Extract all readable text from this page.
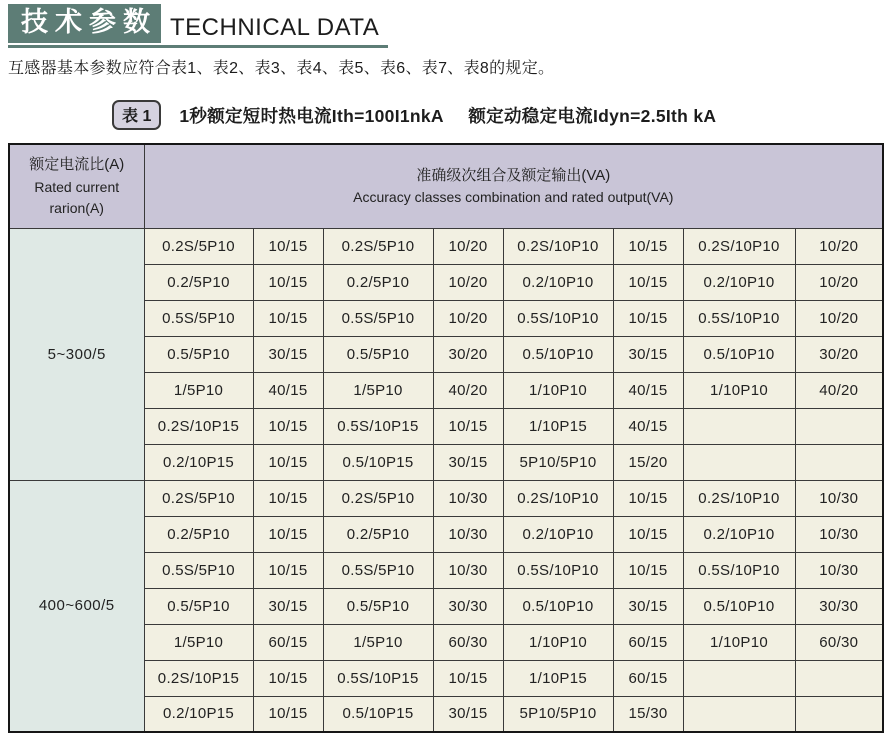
技术参数 TECHNICAL DATA
互感器基本参数应符合表1、表2、表3、表4、表5、表6、表7、表8的规定。
表 1	1秒额定短时热电流Ith=100I1nkA 额定动稳定电流Idyn=2.5Ith kA
额定电流比(A)
Rated current
rarion(A)

准确级次组合及额定输出(VA)
Accuracy classes combination and rated output(VA)

5~300/5	0.2S/5P10	10/15	0.2S/5P10	10/20	0.2S/10P10	10/15	0.2S/10P10	10/20
	0.2/5P10	10/15	0.2/5P10	10/20	0.2/10P10	10/15	0.2/10P10	10/20
	0.5S/5P10	10/15	0.5S/5P10	10/20	0.5S/10P10	10/15	0.5S/10P10	10/20
	0.5/5P10	30/15	0.5/5P10	30/20	0.5/10P10	30/15	0.5/10P10	30/20
	1/5P10	40/15	1/5P10	40/20	1/10P10	40/15	1/10P10	40/20
	0.2S/10P15	10/15	0.5S/10P15	10/15	1/10P15	40/15		
	0.2/10P15	10/15	0.5/10P15	30/15	5P10/5P10	15/20		
400~600/5	0.2S/5P10	10/15	0.2S/5P10	10/30	0.2S/10P10	10/15	0.2S/10P10	10/30
	0.2/5P10	10/15	0.2/5P10	10/30	0.2/10P10	10/15	0.2/10P10	10/30
	0.5S/5P10	10/15	0.5S/5P10	10/30	0.5S/10P10	10/15	0.5S/10P10	10/30
	0.5/5P10	30/15	0.5/5P10	30/30	0.5/10P10	30/15	0.5/10P10	30/30
	1/5P10	60/15	1/5P10	60/30	1/10P10	60/15	1/10P10	60/30
	0.2S/10P15	10/15	0.5S/10P15	10/15	1/10P15	60/15		
	0.2/10P15	10/15	0.5/10P15	30/15	5P10/5P10	15/30		
